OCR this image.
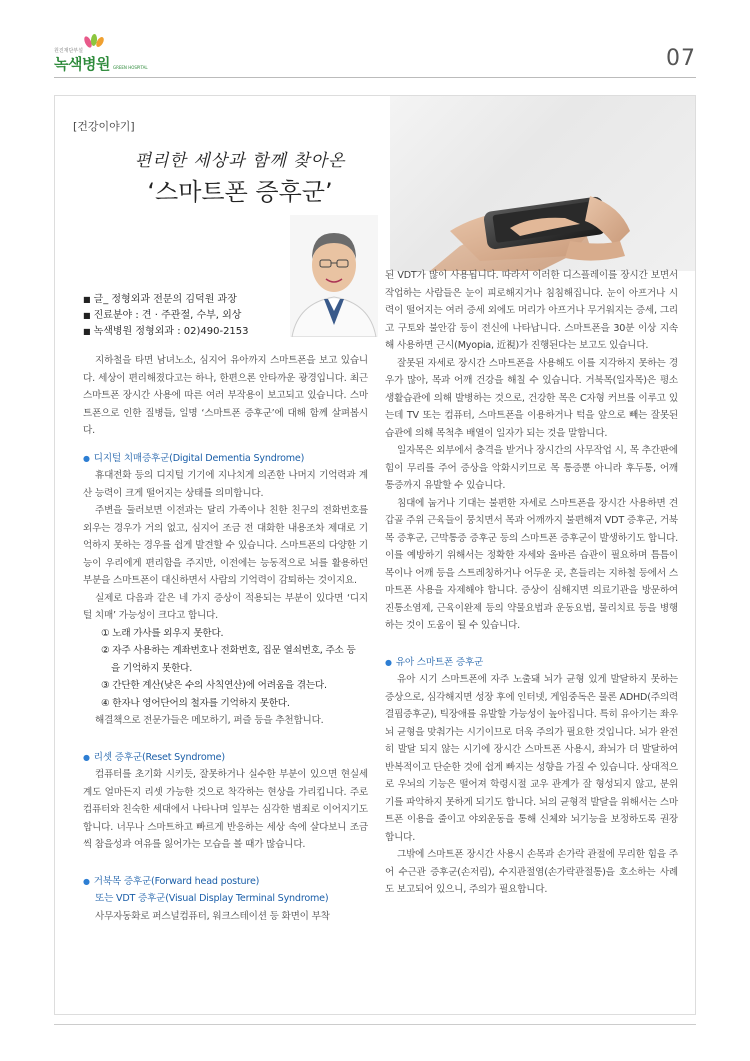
원진재단부설
녹색병원 GREEN HOSPITAL	07
[건강이야기]
편리한 세상과 함께 찾아온
‘스마트폰 증후군’
■ 글_ 정형외과 전문의 김덕원 과장
■ 진료분야 : 견 · 주관절, 수부, 외상
■ 녹색병원 정형외과 : 02)490-2153

지하철을 타면 남녀노소, 심지어 유아까지 스마트폰을 보고 있습니다. 세상이 편리해졌다고는 하나, 한편으론 안타까운 광경입니다. 최근 스마트폰 장시간 사용에 따른 여러 부작용이 보고되고 있습니다. 스마트폰으로 인한 질병들, 일명 ‘스마트폰 증후군’에 대해 함께 살펴봅시다.

● 디지털 치매증후군(Digital Dementia Syndrome)

휴대전화 등의 디지털 기기에 지나치게 의존한 나머지 기억력과 계산 능력이 크게 떨어지는 상태를 의미합니다.

주변을 둘러보면 이전과는 달리 가족이나 친한 친구의 전화번호를 외우는 경우가 거의 없고, 심지어 조금 전 대화한 내용조차 제대로 기억하지 못하는 경우를 쉽게 발견할 수 있습니다. 스마트폰의 다양한 기능이 우리에게 편리함을 주지만, 이전에는 능동적으로 뇌를 활용하던 부분을 스마트폰이 대신하면서 사람의 기억력이 감퇴하는 것이지요.

실제로 다음과 같은 네 가지 증상이 적용되는 부분이 있다면 ‘디지털 치매’ 가능성이 크다고 합니다.

① 노래 가사를 외우지 못한다.
② 자주 사용하는 계좌번호나 전화번호, 집문 열쇠번호, 주소 등
을 기억하지 못한다.
③ 간단한 계산(낮은 수의 사칙연산)에 어려움을 겪는다.
④ 한자나 영어단어의 철자를 기억하지 못한다.

해결책으로 전문가들은 메모하기, 퍼즐 등을 추천합니다.

● 리셋 증후군(Reset Syndrome)

컴퓨터를 초기화 시키듯, 잘못하거나 실수한 부분이 있으면 현실세계도 얼마든지 리셋 가능한 것으로 착각하는 현상을 가리킵니다. 주로 컴퓨터와 친숙한 세대에서 나타나며 일부는 심각한 범죄로 이어지기도 합니다. 너무나 스마트하고 빠르게 반응하는 세상 속에 살다보니 조금씩 참을성과 여유를 잃어가는 모습을 볼 때가 많습니다.

● 거북목 증후군(Forward head posture)
또는 VDT 증후군(Visual Display Terminal Syndrome)

사무자동화로 퍼스널컴퓨터, 워크스테이션 등 화면이 부착

된 VDT가 많이 사용됩니다. 따라서 이러한 디스플레이를 장시간 보면서 작업하는 사람들은 눈이 피로해지거나 침침해집니다. 눈이 아프거나 시력이 떨어지는 여러 증세 외에도 머리가 아프거나 무거워지는 증세, 그리고 구토와 불안감 등이 전신에 나타납니다. 스마트폰을 30분 이상 지속해 사용하면 근시(Myopia, 近視)가 진행된다는 보고도 있습니다.

잘못된 자세로 장시간 스마트폰을 사용해도 이를 지각하지 못하는 경우가 많아, 목과 어깨 건강을 해칠 수 있습니다. 거북목(일자목)은 평소 생활습관에 의해 발병하는 것으로, 건강한 목은 C자형 커브를 이루고 있는데 TV 또는 컴퓨터, 스마트폰을 이용하거나 턱을 앞으로 빼는 잘못된 습관에 의해 목척추 배열이 일자가 되는 것을 말합니다.

일자목은 외부에서 충격을 받거나 장시간의 사무작업 시, 목 추간판에 힘이 무리를 주어 증상을 악화시키므로 목 통증뿐 아니라 후두통, 어깨 통증까지 유발할 수 있습니다.

침대에 눕거나 기대는 불편한 자세로 스마트폰을 장시간 사용하면 견갑골 주위 근육들이 뭉치면서 목과 어깨까지 불편해져 VDT 증후군, 거북목 증후군, 근막통증 증후군 등의 스마트폰 증후군이 발생하기도 합니다. 이를 예방하기 위해서는 정확한 자세와 올바른 습관이 필요하며 틈틈이 목이나 어깨 등을 스트레칭하거나 어두운 곳, 흔들리는 지하철 등에서 스마트폰 사용을 자제해야 합니다. 증상이 심해지면 의료기관을 방문하여 진통소염제, 근육이완제 등의 약물요법과 운동요법, 물리치료 등을 병행하는 것이 도움이 될 수 있습니다.

● 유아 스마트폰 증후군

유아 시기 스마트폰에 자주 노출돼 뇌가 균형 있게 발달하지 못하는 증상으로, 심각해지면 성장 후에 인터넷, 게임중독은 물론 ADHD(주의력 결핍증후군), 틱장애를 유발할 가능성이 높아집니다. 특히 유아기는 좌우 뇌 균형을 맞춰가는 시기이므로 더욱 주의가 필요한 것입니다. 뇌가 완전히 발달 되지 않는 시기에 장시간 스마트폰 사용시, 좌뇌가 더 발달하여 반복적이고 단순한 것에 쉽게 빠지는 성향을 가질 수 있습니다. 상대적으로 우뇌의 기능은 떨어져 학령시절 교우 관계가 잘 형성되지 않고, 분위기를 파악하지 못하게 되기도 합니다. 뇌의 균형적 발달을 위해서는 스마트폰 이용을 줄이고 야외운동을 통해 신체와 뇌기능을 보정하도록 권장합니다.

그밖에 스마트폰 장시간 사용시 손목과 손가락 관절에 무리한 힘을 주어 수근관 증후군(손저림), 수지관절염(손가락관절통)을 호소하는 사례도 보고되어 있으니, 주의가 필요합니다.
